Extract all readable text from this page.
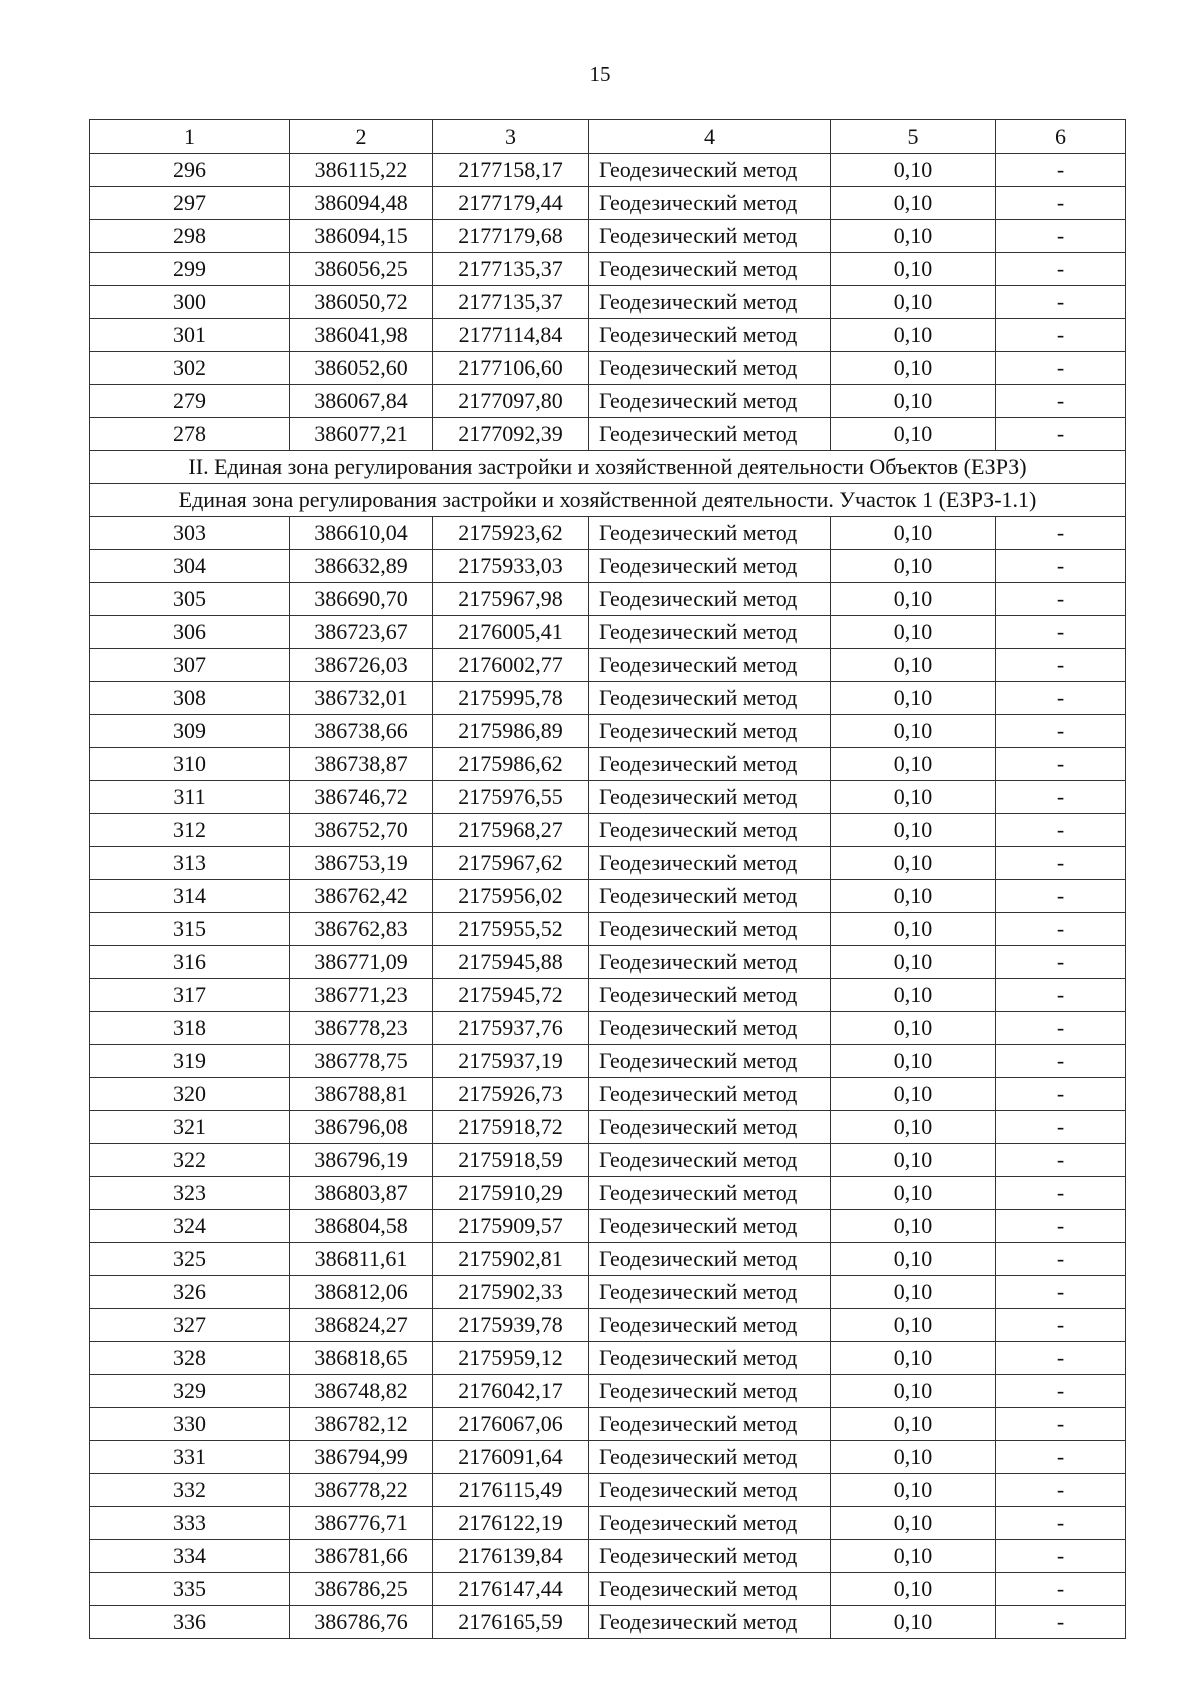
15
1	2	3	4	5	6
296	386115,22	2177158,17	Геодезический метод	0,10	-
297	386094,48	2177179,44	Геодезический метод	0,10	-
298	386094,15	2177179,68	Геодезический метод	0,10	-
299	386056,25	2177135,37	Геодезический метод	0,10	-
300	386050,72	2177135,37	Геодезический метод	0,10	-
301	386041,98	2177114,84	Геодезический метод	0,10	-
302	386052,60	2177106,60	Геодезический метод	0,10	-
279	386067,84	2177097,80	Геодезический метод	0,10	-
278	386077,21	2177092,39	Геодезический метод	0,10	-
II. Единая зона регулирования застройки и хозяйственной деятельности Объектов (ЕЗРЗ)					
Единая зона регулирования застройки и хозяйственной деятельности. Участок 1 (ЕЗРЗ-1.1)					
303	386610,04	2175923,62	Геодезический метод	0,10	-
304	386632,89	2175933,03	Геодезический метод	0,10	-
305	386690,70	2175967,98	Геодезический метод	0,10	-
306	386723,67	2176005,41	Геодезический метод	0,10	-
307	386726,03	2176002,77	Геодезический метод	0,10	-
308	386732,01	2175995,78	Геодезический метод	0,10	-
309	386738,66	2175986,89	Геодезический метод	0,10	-
310	386738,87	2175986,62	Геодезический метод	0,10	-
311	386746,72	2175976,55	Геодезический метод	0,10	-
312	386752,70	2175968,27	Геодезический метод	0,10	-
313	386753,19	2175967,62	Геодезический метод	0,10	-
314	386762,42	2175956,02	Геодезический метод	0,10	-
315	386762,83	2175955,52	Геодезический метод	0,10	-
316	386771,09	2175945,88	Геодезический метод	0,10	-
317	386771,23	2175945,72	Геодезический метод	0,10	-
318	386778,23	2175937,76	Геодезический метод	0,10	-
319	386778,75	2175937,19	Геодезический метод	0,10	-
320	386788,81	2175926,73	Геодезический метод	0,10	-
321	386796,08	2175918,72	Геодезический метод	0,10	-
322	386796,19	2175918,59	Геодезический метод	0,10	-
323	386803,87	2175910,29	Геодезический метод	0,10	-
324	386804,58	2175909,57	Геодезический метод	0,10	-
325	386811,61	2175902,81	Геодезический метод	0,10	-
326	386812,06	2175902,33	Геодезический метод	0,10	-
327	386824,27	2175939,78	Геодезический метод	0,10	-
328	386818,65	2175959,12	Геодезический метод	0,10	-
329	386748,82	2176042,17	Геодезический метод	0,10	-
330	386782,12	2176067,06	Геодезический метод	0,10	-
331	386794,99	2176091,64	Геодезический метод	0,10	-
332	386778,22	2176115,49	Геодезический метод	0,10	-
333	386776,71	2176122,19	Геодезический метод	0,10	-
334	386781,66	2176139,84	Геодезический метод	0,10	-
335	386786,25	2176147,44	Геодезический метод	0,10	-
336	386786,76	2176165,59	Геодезический метод	0,10	-
